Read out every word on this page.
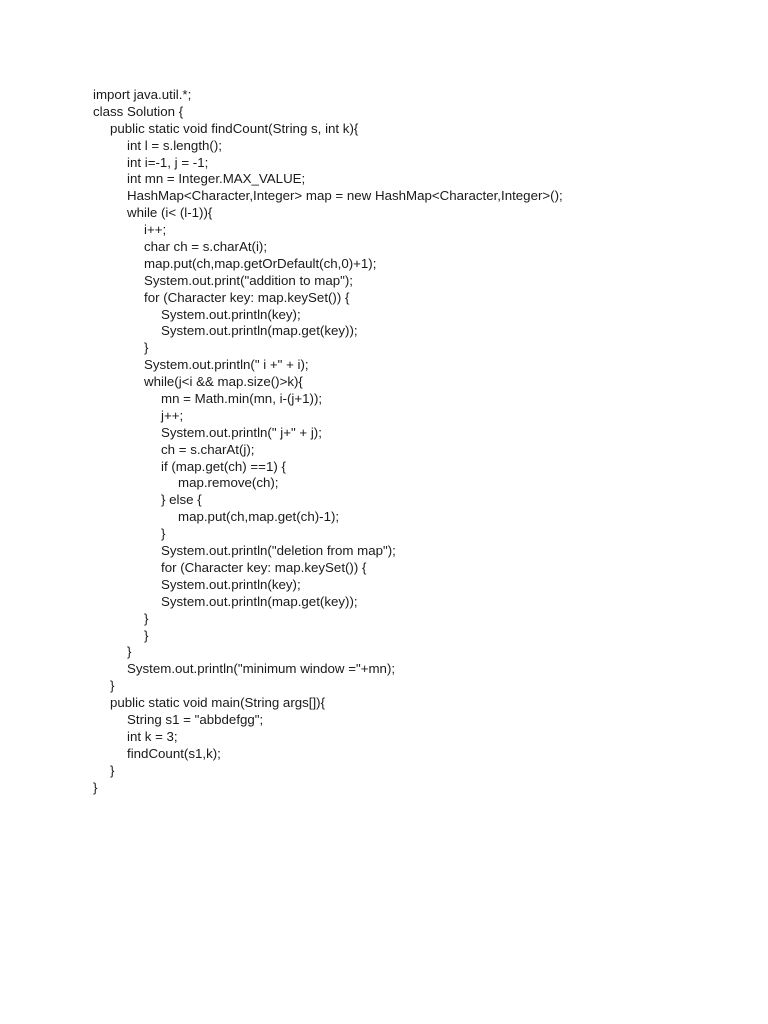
import java.util.*;
class Solution {
public static void findCount(String s, int k){
int l = s.length();
int i=-1, j = -1;
int mn = Integer.MAX_VALUE;
HashMap<Character,Integer> map = new HashMap<Character,Integer>();
while (i< (l-1)){
i++;
char ch = s.charAt(i);
map.put(ch,map.getOrDefault(ch,0)+1);
System.out.print("addition to map");
for (Character key: map.keySet()) {
System.out.println(key);
System.out.println(map.get(key));
}
System.out.println(" i +" + i);
while(j<i && map.size()>k){
mn = Math.min(mn, i-(j+1));
j++;
System.out.println(" j+" + j);
ch = s.charAt(j);
if (map.get(ch) ==1) {
map.remove(ch);
} else {
map.put(ch,map.get(ch)-1);
}
System.out.println("deletion from map");
for (Character key: map.keySet()) {
System.out.println(key);
System.out.println(map.get(key));
}
}
}
System.out.println("minimum window ="+mn);
}
public static void main(String args[]){
String s1 = "abbdefgg";
int k = 3;
findCount(s1,k);
}
}
